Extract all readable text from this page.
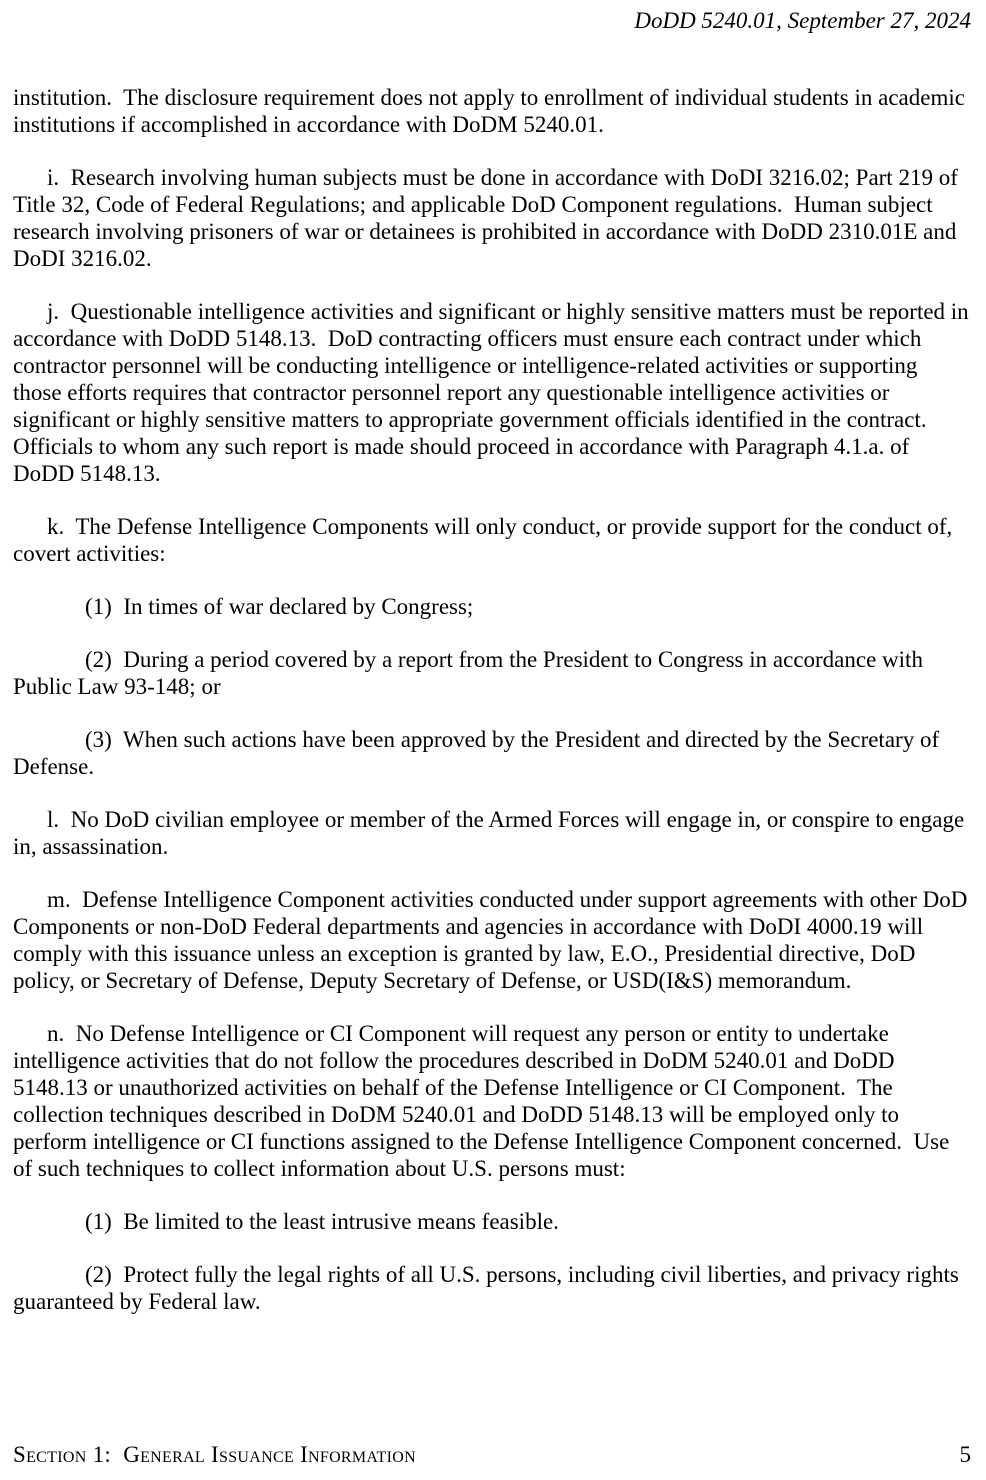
DoDD 5240.01, September 27, 2024

institution.  The disclosure requirement does not apply to enrollment of individual students in academic institutions if accomplished in accordance with DoDM 5240.01.

i.  Research involving human subjects must be done in accordance with DoDI 3216.02; Part 219 of Title 32, Code of Federal Regulations; and applicable DoD Component regulations.  Human subject research involving prisoners of war or detainees is prohibited in accordance with DoDD 2310.01E and DoDI 3216.02.

j.  Questionable intelligence activities and significant or highly sensitive matters must be reported in accordance with DoDD 5148.13.  DoD contracting officers must ensure each contract under which contractor personnel will be conducting intelligence or intelligence-related activities or supporting those efforts requires that contractor personnel report any questionable intelligence activities or significant or highly sensitive matters to appropriate government officials identified in the contract.  Officials to whom any such report is made should proceed in accordance with Paragraph 4.1.a. of DoDD 5148.13.

k.  The Defense Intelligence Components will only conduct, or provide support for the conduct of, covert activities:

(1)  In times of war declared by Congress;

(2)  During a period covered by a report from the President to Congress in accordance with Public Law 93-148; or

(3)  When such actions have been approved by the President and directed by the Secretary of Defense.

l.  No DoD civilian employee or member of the Armed Forces will engage in, or conspire to engage in, assassination.

m.  Defense Intelligence Component activities conducted under support agreements with other DoD Components or non-DoD Federal departments and agencies in accordance with DoDI 4000.19 will comply with this issuance unless an exception is granted by law, E.O., Presidential directive, DoD policy, or Secretary of Defense, Deputy Secretary of Defense, or USD(I&S) memorandum.

n.  No Defense Intelligence or CI Component will request any person or entity to undertake intelligence activities that do not follow the procedures described in DoDM 5240.01 and DoDD 5148.13 or unauthorized activities on behalf of the Defense Intelligence or CI Component.  The collection techniques described in DoDM 5240.01 and DoDD 5148.13 will be employed only to perform intelligence or CI functions assigned to the Defense Intelligence Component concerned.  Use of such techniques to collect information about U.S. persons must:

(1)  Be limited to the least intrusive means feasible.

(2)  Protect fully the legal rights of all U.S. persons, including civil liberties, and privacy rights guaranteed by Federal law.

Section 1:  General Issuance Information	5
